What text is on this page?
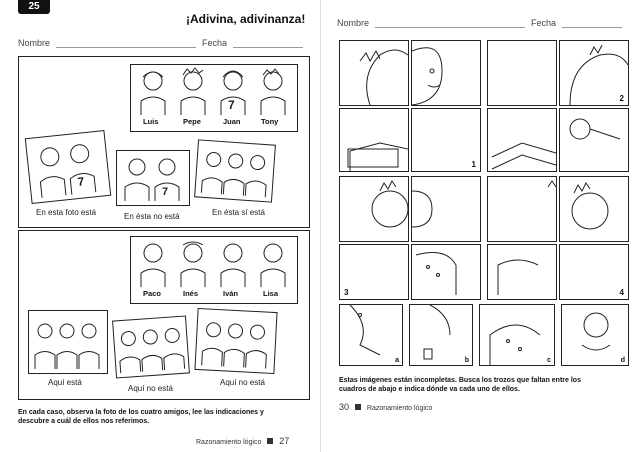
25
¡Adivina, adivinanza!
Nombre	Fecha
7
Luis	Pepe	Juan	Tony
7
7
En esta foto está	En ésta no está	En ésta sí está
Paco	Inés	Iván	Lisa
Aquí está
Aquí no está
Aquí no está
En cada caso, observa la foto de los cuatro amigos, lee las indicaciones y descubre a cuál de ellos nos referimos.
Razonamiento lógico 27
Nombre	Fecha
1
2
3	4
a	b	c	d
Estas imágenes están incompletas. Busca los trozos que faltan entre los cuadros de abajo e indica dónde va cada uno de ellos.
30	Razonamiento lógico
